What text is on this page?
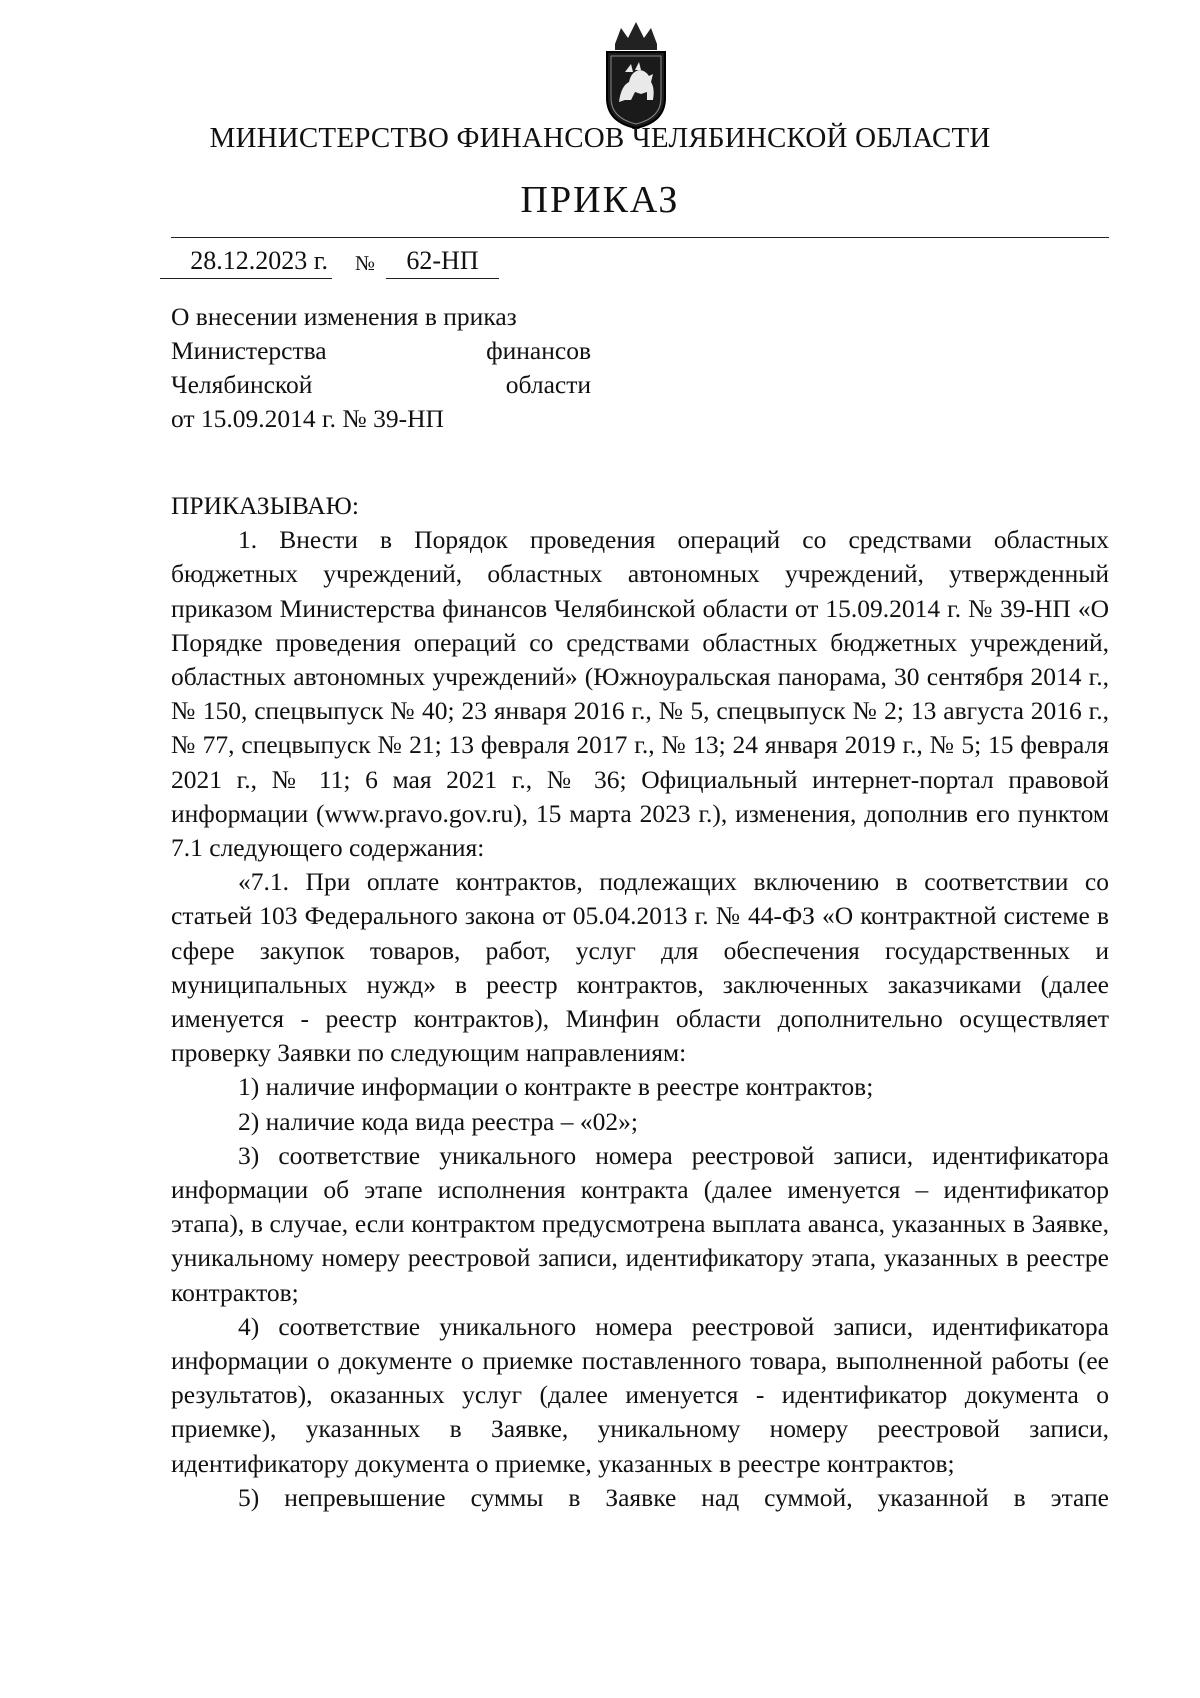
МИНИСТЕРСТВО ФИНАНСОВ ЧЕЛЯБИНСКОЙ ОБЛАСТИ
ПРИКАЗ
28.12.2023 г. №	62-НП
О внесении изменения в приказ
Министерства	финансов
Челябинской	области
от 15.09.2014 г. № 39-НП

ПРИКАЗЫВАЮ:

1. Внести в Порядок проведения операций со средствами областных бюджетных учреждений, областных автономных учреждений, утвержденный приказом Министерства финансов Челябинской области от 15.09.2014 г. № 39-НП «О Порядке проведения операций со средствами областных бюджетных учреждений, областных автономных учреждений» (Южноуральская панорама, 30 сентября 2014 г., № 150, спецвыпуск № 40; 23 января 2016 г., № 5, спецвыпуск № 2; 13 августа 2016 г., № 77, спецвыпуск № 21; 13 февраля 2017 г., № 13; 24 января 2019 г., № 5; 15 февраля 2021 г., № 11; 6 мая 2021 г., № 36; Официальный интернет-портал правовой информации (www.pravo.gov.ru), 15 марта 2023 г.), изменения, дополнив его пунктом 7.1 следующего содержания:

«7.1. При оплате контрактов, подлежащих включению в соответствии со статьей 103 Федерального закона от 05.04.2013 г. № 44-ФЗ «О контрактной системе в сфере закупок товаров, работ, услуг для обеспечения государственных и муниципальных нужд» в реестр контрактов, заключенных заказчиками (далее именуется - реестр контрактов), Минфин области дополнительно осуществляет проверку Заявки по следующим направлениям:

1) наличие информации о контракте в реестре контрактов;

2) наличие кода вида реестра – «02»;

3) соответствие уникального номера реестровой записи, идентификатора информации об этапе исполнения контракта (далее именуется – идентификатор этапа), в случае, если контрактом предусмотрена выплата аванса, указанных в Заявке, уникальному номеру реестровой записи, идентификатору этапа, указанных в реестре контрактов;

4) соответствие уникального номера реестровой записи, идентификатора информации о документе о приемке поставленного товара, выполненной работы (ее результатов), оказанных услуг (далее именуется - идентификатор документа о приемке), указанных в Заявке, уникальному номеру реестровой записи, идентификатору документа о приемке, указанных в реестре контрактов;

5) непревышение суммы в Заявке над суммой, указанной в этапе
